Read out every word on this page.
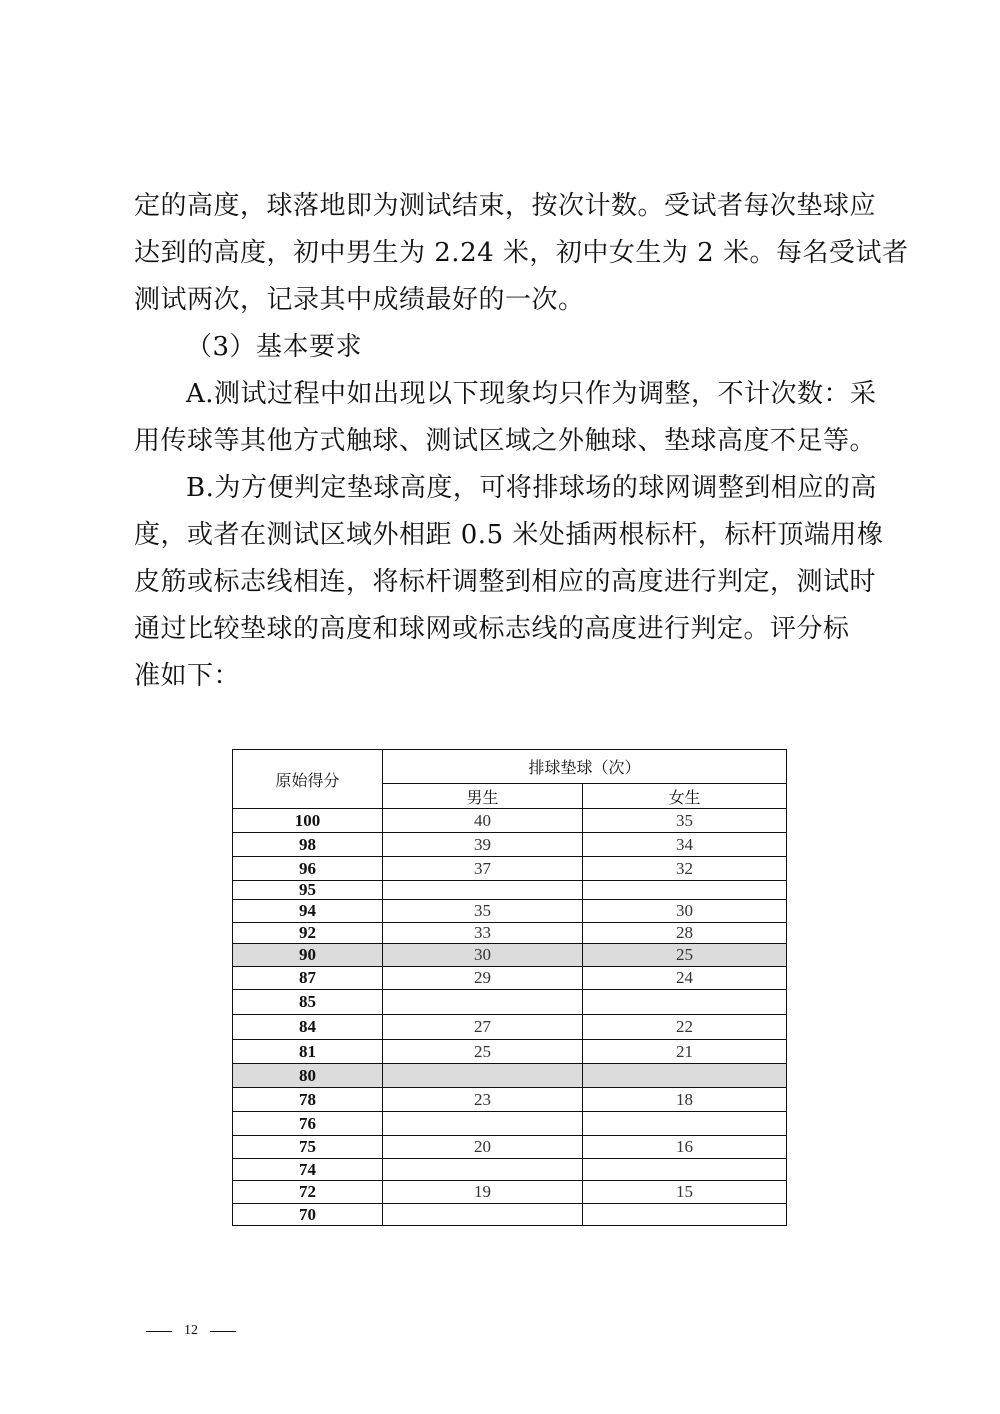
定的高度，球落地即为测试结束，按次计数。受试者每次垫球应

达到的高度，初中男生为 2.24 米，初中女生为 2 米。每名受试者

测试两次，记录其中成绩最好的一次。

（3）基本要求

A.测试过程中如出现以下现象均只作为调整，不计次数：采

用传球等其他方式触球、测试区域之外触球、垫球高度不足等。

B.为方便判定垫球高度，可将排球场的球网调整到相应的高

度，或者在测试区域外相距 0.5 米处插两根标杆，标杆顶端用橡

皮筋或标志线相连，将标杆调整到相应的高度进行判定，测试时

通过比较垫球的高度和球网或标志线的高度进行判定。评分标

准如下：

原始得分	排球垫球（次）	
	男生	女生
100	40	35
98	39	34
96	37	32
95		
94	35	30
92	33	28
90	30	25
87	29	24
85		
84	27	22
81	25	21
80		
78	23	18
76		
75	20	16
74		
72	19	15
70		
12
